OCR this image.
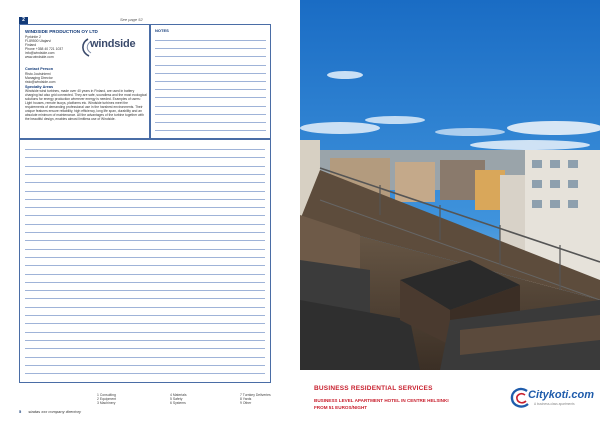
2	See page 52
WINDSIDE PRODUCTION OY LTD
Pyrkintie 2
FI-89500 Utajarvi
Finland
Phone +358 40 721 1037
info@windside.com
www.windside.com
windside
Contact Person
Risto Joutsiniemi
Managing Director
risto@windside.com
Specialty Areas
Windside wind turbines, made over 40 years in Finland, are used in battery charging but also grid connected. They are safe, soundless and the most ecological solutions for energy production wherever energy is needed. Examples of users: Light houses, remote buoys, platforms etc. Windside turbines meet the requirements of demanding professional use in the harshest environments. Their unique features ensure reliability, high efficiency, long life span, durability and an absolute minimum of maintenance. All the advantages of the turbine together with the beautiful design, enables almost limitless use of Windside.
NOTES
1 Consulting
2 Equipment
3 Machinery
4 Materials
5 Safety
6 Systems
7 Turnkey Deliveries
8 Yards
9 Other
5 stadas xxx company directory
BUSINESS RESIDENTIAL SERVICES
BUSINESS LEVEL APARTMENT HOTEL IN CENTRE HELSINKI
FROM 51 EUROS/NIGHT
Citykoti.com
A business-class apartments
